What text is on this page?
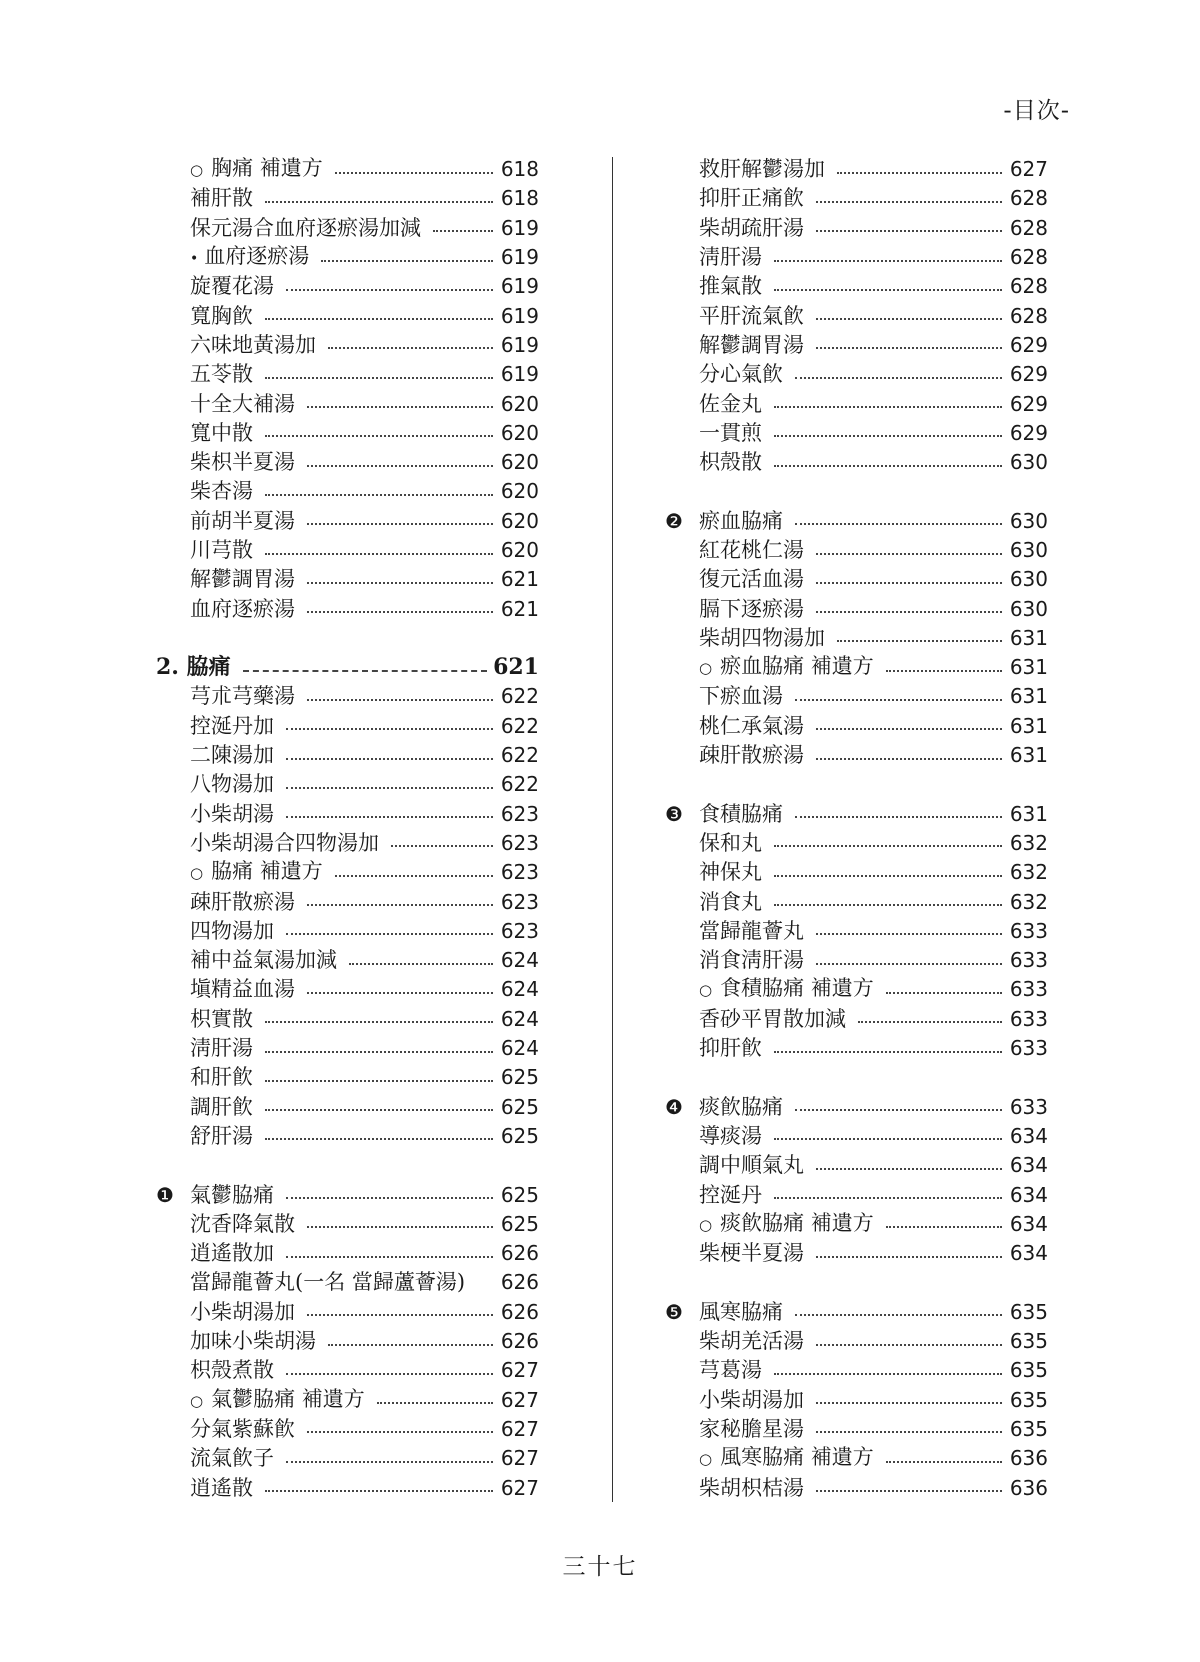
-目次-
○ 胸痛 補遺方	618
補肝散	618
保元湯合血府逐瘀湯加減	619
• 血府逐瘀湯	619
旋覆花湯	619
寬胸飮	619
六味地黃湯加	619
五苓散	619
十全大補湯	620
寬中散	620
柴枳半夏湯	620
柴杏湯	620
前胡半夏湯	620
川芎散	620
解鬱調胃湯	621
血府逐瘀湯	621
2. 脇痛	621
芎朮芎藥湯	622
控涎丹加	622
二陳湯加	622
八物湯加	622
小柴胡湯	623
小柴胡湯合四物湯加	623
○ 脇痛 補遺方	623
疎肝散瘀湯	623
四物湯加	623
補中益氣湯加減	624
塡精益血湯	624
枳實散	624
淸肝湯	624
和肝飮	625
調肝飮	625
舒肝湯	625
❶ 氣鬱脇痛	625
沈香降氣散	625
逍遙散加	626
當歸龍薈丸(一名 當歸蘆薈湯)	626
小柴胡湯加	626
加味小柴胡湯	626
枳殼煮散	627
○ 氣鬱脇痛 補遺方	627
分氣紫蘇飮	627
流氣飮子	627
逍遙散	627
救肝解鬱湯加	627
抑肝正痛飮	628
柴胡疏肝湯	628
淸肝湯	628
推氣散	628
平肝流氣飮	628
解鬱調胃湯	629
分心氣飮	629
佐金丸	629
一貫煎	629
枳殼散	630
❷ 瘀血脇痛	630
紅花桃仁湯	630
復元活血湯	630
膈下逐瘀湯	630
柴胡四物湯加	631
○ 瘀血脇痛 補遺方	631
下瘀血湯	631
桃仁承氣湯	631
疎肝散瘀湯	631
❸ 食積脇痛	631
保和丸	632
神保丸	632
消食丸	632
當歸龍薈丸	633
消食淸肝湯	633
○ 食積脇痛 補遺方	633
香砂平胃散加減	633
抑肝飮	633
❹ 痰飮脇痛	633
導痰湯	634
調中順氣丸	634
控涎丹	634
○ 痰飮脇痛 補遺方	634
柴梗半夏湯	634
❺ 風寒脇痛	635
柴胡羌活湯	635
芎葛湯	635
小柴胡湯加	635
家秘膽星湯	635
○ 風寒脇痛 補遺方	636
柴胡枳桔湯	636
三十七
